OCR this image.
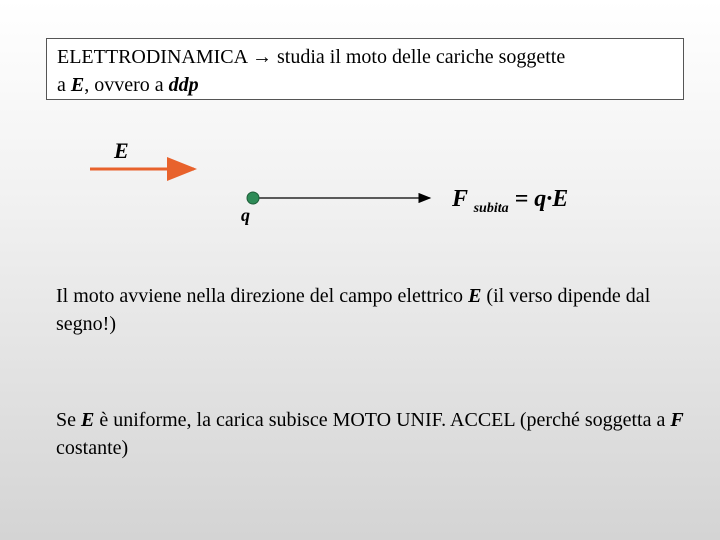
ELETTRODINAMICA → studia il moto delle cariche soggette
a E, ovvero a ddp
E
q
F $_{subita}$ = q·E
Il moto avviene nella direzione del campo elettrico E (il verso dipende dal segno!)
Se E è uniforme, la carica subisce MOTO UNIF. ACCEL (perché soggetta a F costante)
